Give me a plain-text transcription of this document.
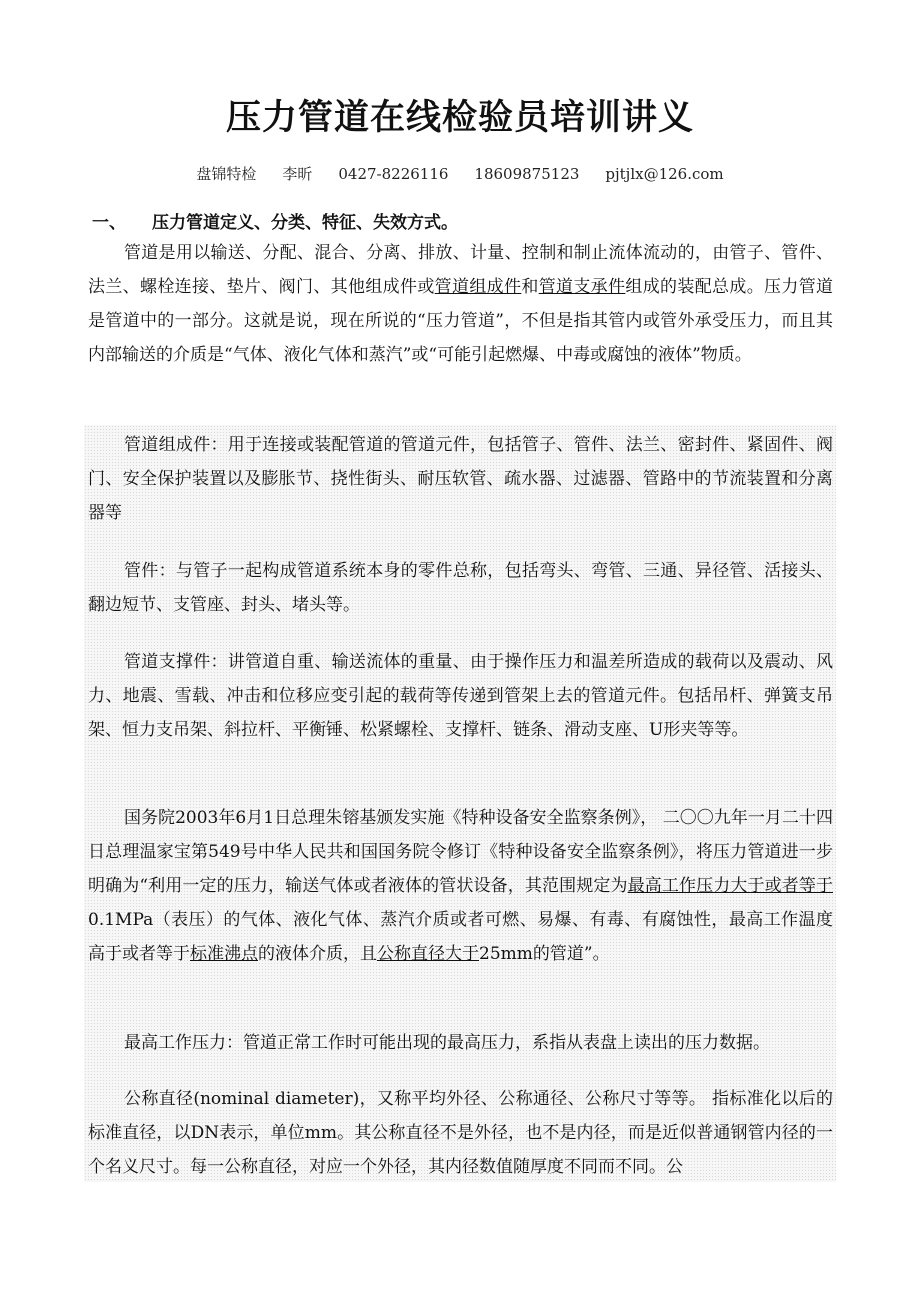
压力管道在线检验员培训讲义
盘锦特检 李昕 0427-8226116 18609875123 pjtjlx@126.com
一、 压力管道定义、分类、特征、失效方式。

管道是用以输送、分配、混合、分离、排放、计量、控制和制止流体流动的，由管子、管件、法兰、螺栓连接、垫片、阀门、其他组成件或管道组成件和管道支承件组成的装配总成。压力管道是管道中的一部分。这就是说，现在所说的“压力管道”，不但是指其管内或管外承受压力，而且其内部输送的介质是“气体、液化气体和蒸汽”或“可能引起燃爆、中毒或腐蚀的液体”物质。

管道组成件：用于连接或装配管道的管道元件，包括管子、管件、法兰、密封件、紧固件、阀门、安全保护装置以及膨胀节、挠性街头、耐压软管、疏水器、过滤器、管路中的节流装置和分离器等

管件：与管子一起构成管道系统本身的零件总称，包括弯头、弯管、三通、异径管、活接头、翻边短节、支管座、封头、堵头等。

管道支撑件：讲管道自重、输送流体的重量、由于操作压力和温差所造成的载荷以及震动、风力、地震、雪载、冲击和位移应变引起的载荷等传递到管架上去的管道元件。包括吊杆、弹簧支吊架、恒力支吊架、斜拉杆、平衡锤、松紧螺栓、支撑杆、链条、滑动支座、U形夹等等。

国务院2003年6月1日总理朱镕基颁发实施《特种设备安全监察条例》， 二〇〇九年一月二十四日总理温家宝第549号中华人民共和国国务院令修订《特种设备安全监察条例》，将压力管道进一步明确为“利用一定的压力，输送气体或者液体的管状设备，其范围规定为最高工作压力大于或者等于0.1MPa（表压）的气体、液化气体、蒸汽介质或者可燃、易爆、有毒、有腐蚀性，最高工作温度高于或者等于标准沸点的液体介质，且公称直径大于25mm的管道”。

最高工作压力：管道正常工作时可能出现的最高压力，系指从表盘上读出的压力数据。

公称直径(nominal diameter)，又称平均外径、公称通径、公称尺寸等等。 指标准化以后的标准直径，以DN表示，单位mm。其公称直径不是外径，也不是内径，而是近似普通钢管内径的一个名义尺寸。每一公称直径，对应一个外径，其内径数值随厚度不同而不同。公
